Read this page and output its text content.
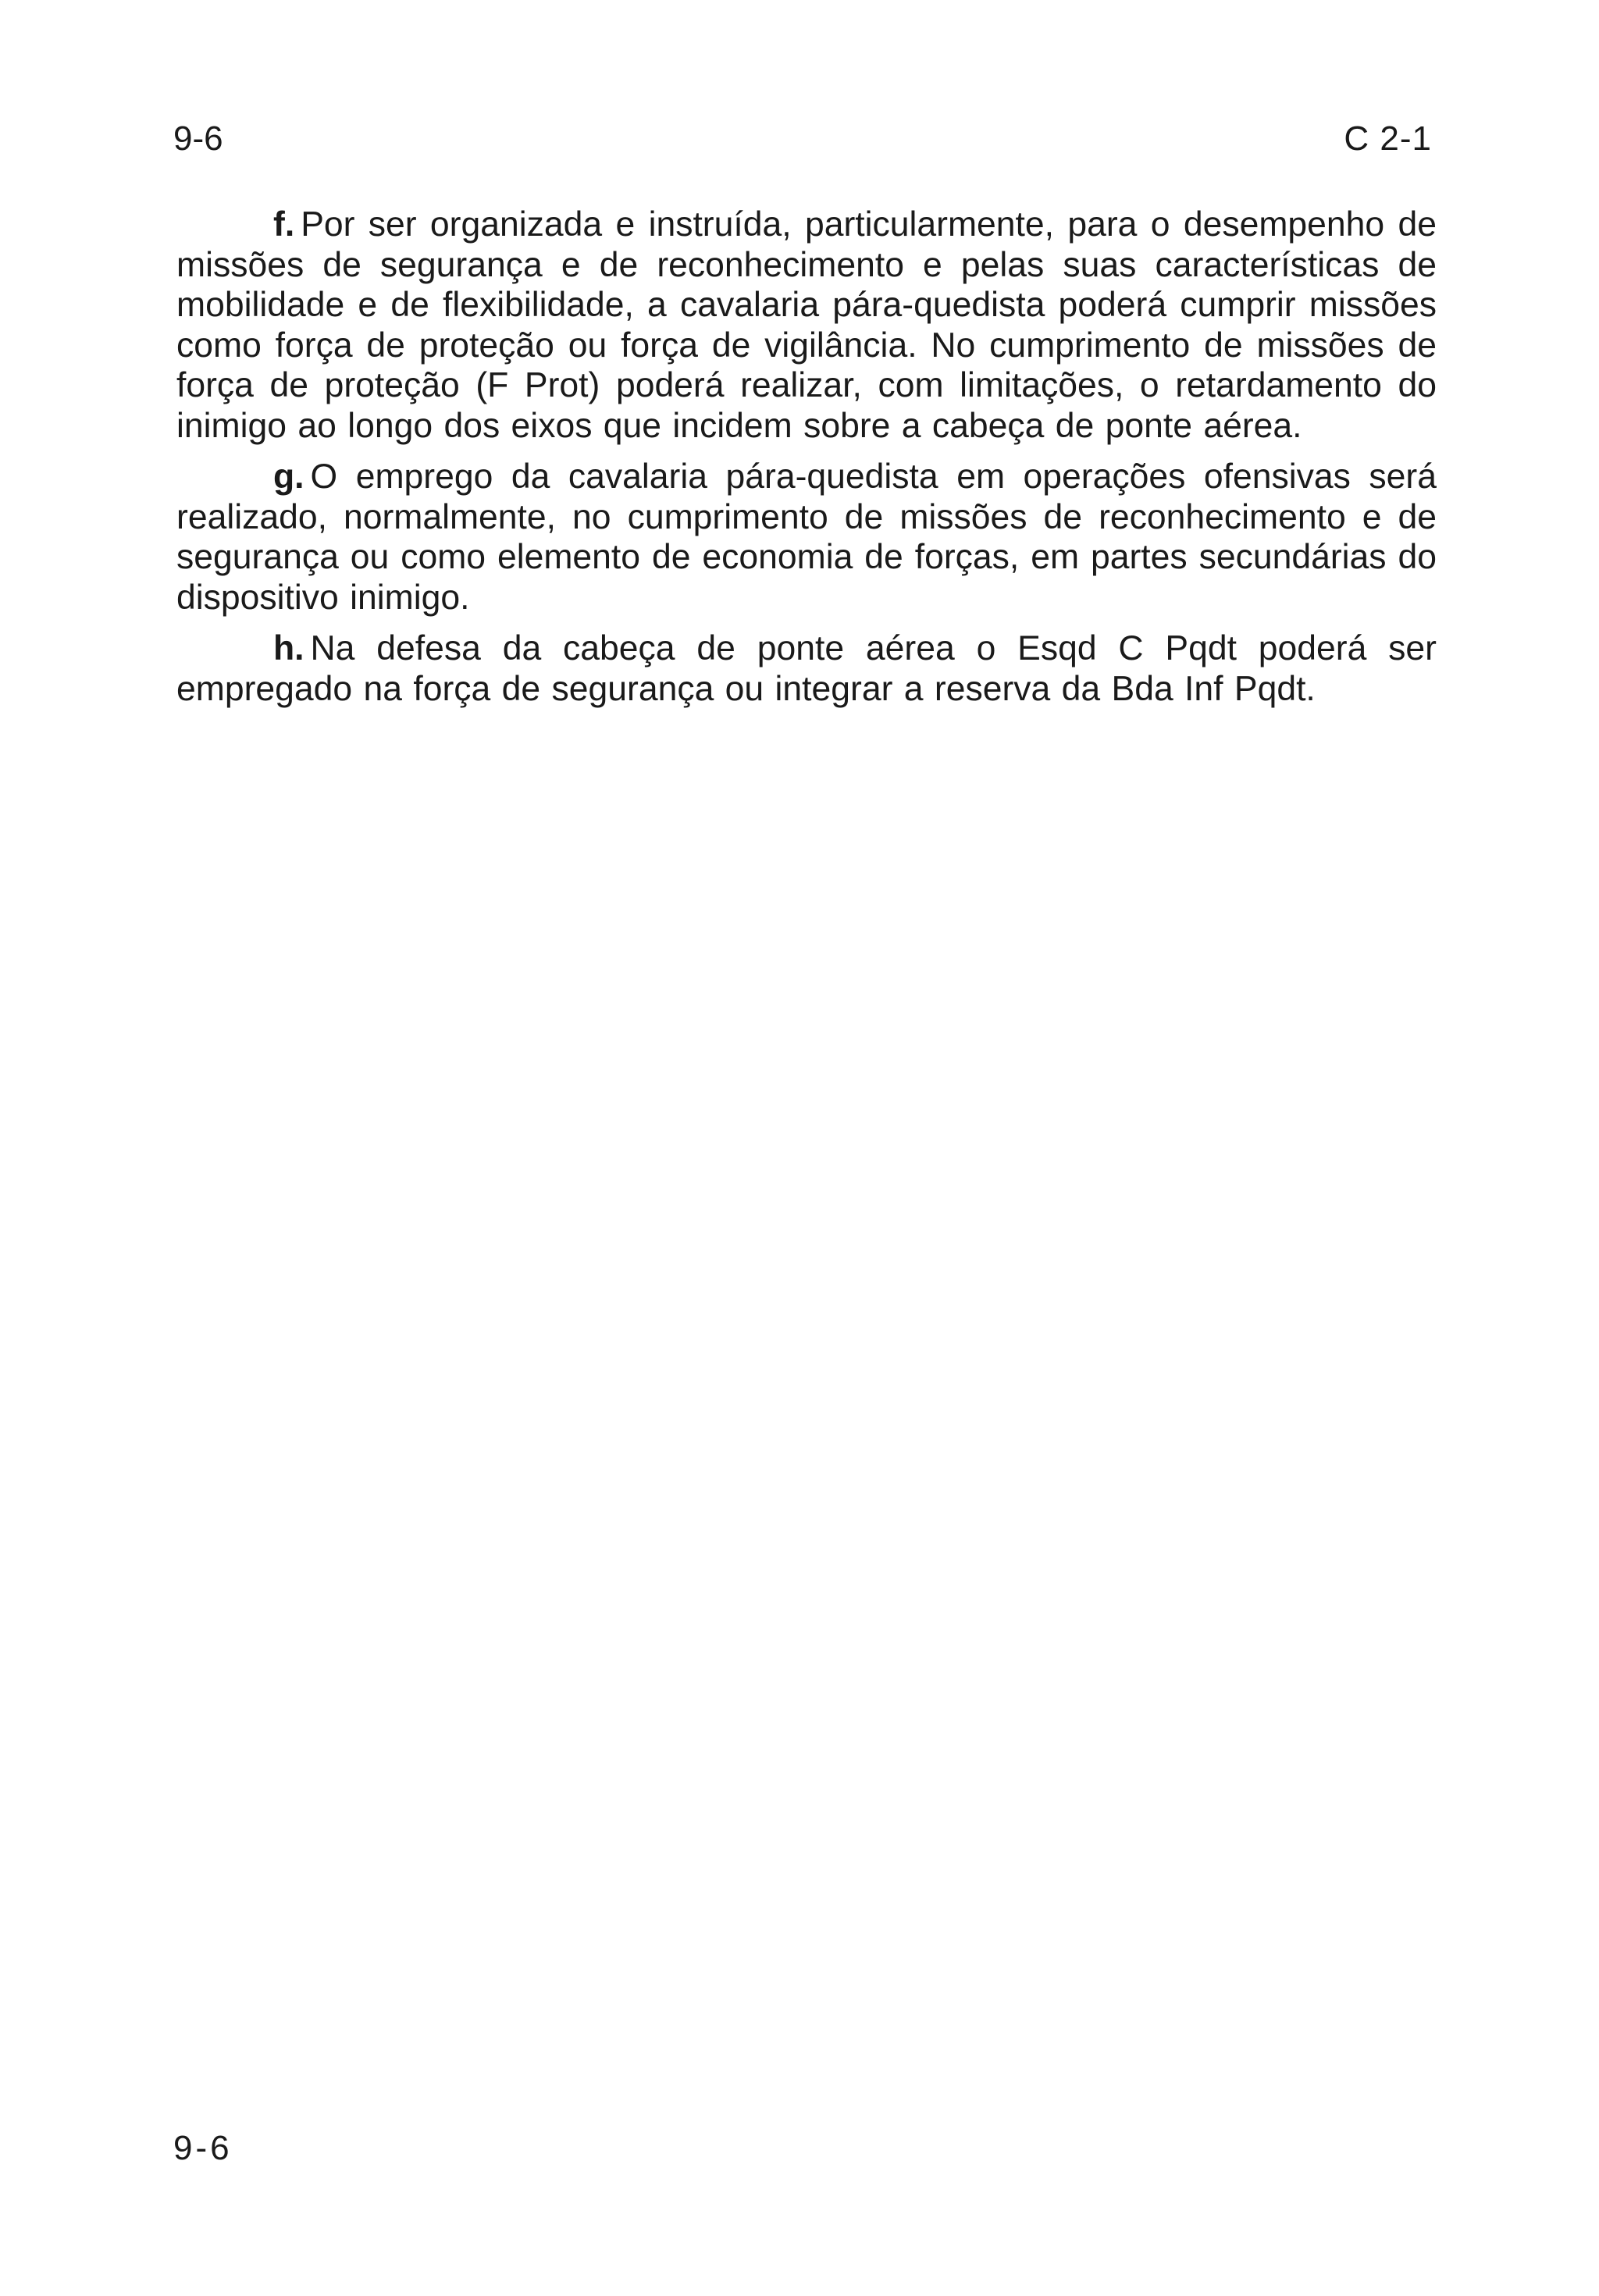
9-6	C 2-1

f. Por ser organizada e instruída, particularmente, para o desempenho de missões de segurança e de reconhecimento e pelas suas características de mobilidade e de flexibilidade, a cavalaria pára-quedista poderá cumprir missões como força de proteção ou força de vigilância. No cumprimento de missões de força de proteção (F Prot) poderá realizar, com limitações, o retardamento do inimigo ao longo dos eixos que incidem sobre a cabeça de ponte aérea.

g. O emprego da cavalaria pára-quedista em operações ofensivas será realizado, normalmente, no cumprimento de missões de reconhecimento e de segurança ou como elemento de economia de forças, em partes secundárias do dispositivo inimigo.

h. Na defesa da cabeça de ponte aérea o Esqd C Pqdt poderá ser empregado na força de segurança ou integrar a reserva da Bda Inf Pqdt.

9-6
